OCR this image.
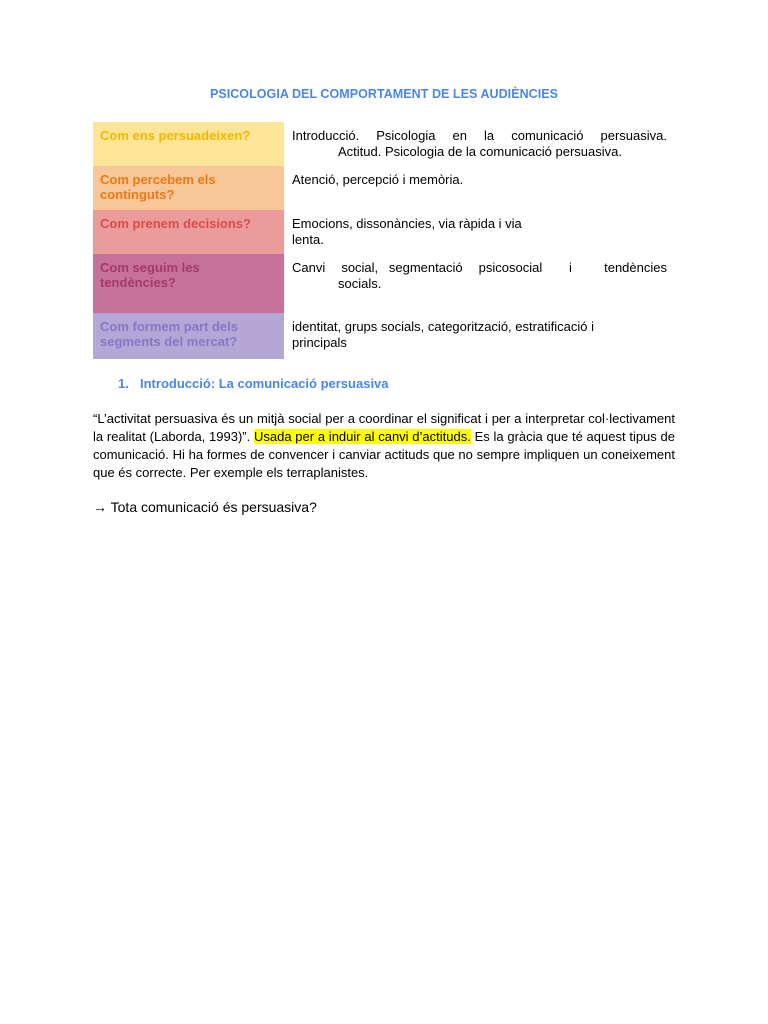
PSICOLOGIA DEL COMPORTAMENT DE LES AUDIÈNCIES
Com ens persuadeixen?	Introducció. Psicologia en la comunicació persuasiva.
Actitud. Psicologia de la comunicació persuasiva.
Com percebem els continguts?
Atenció, percepció i memòria.
Com prenem decisions?	Emocions, dissonàncies, via ràpida i via
lenta.
Com seguim les tendències?
Canvi   social,  segmentació   psicosocial     i      tendències
socials.
Com formem part dels segments del mercat?
identitat, grups socials, categorització, estratificació i
principals
1. Introducció: La comunicació persuasiva
“L’activitat persuasiva és un mitjà social per a coordinar el significat i per a interpretar col·lectivament la realitat (Laborda, 1993)”. Usada per a induir al canvi d’actituds. Es la gràcia que té aquest tipus de comunicació. Hi ha formes de convencer i canviar actituds que no sempre impliquen un coneixement que és correcte. Per exemple els terraplanistes.
→ Tota comunicació és persuasiva?
